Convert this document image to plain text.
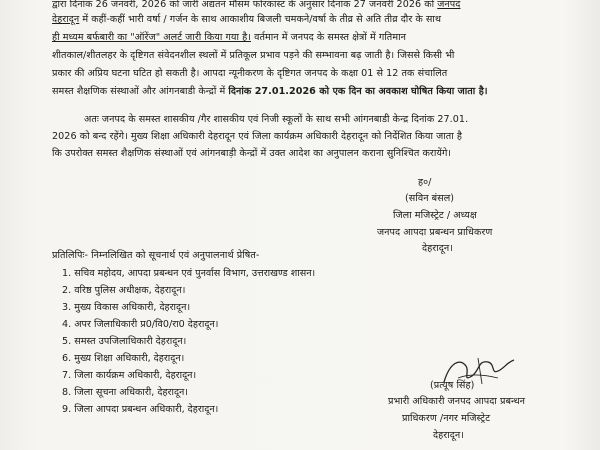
द्वारा दिनांक 26 जनवरी, 2026 को जारी अद्यतन मौसम फोरकास्ट के अनुसार दिनांक 27 जनवरी 2026 को जनपद
देहरादून में कहीं-कहीं भारी वर्षा / गर्जन के साथ आकाशीय बिजली चमकने/वर्षा के तीव्र से अति तीव्र दौर के साथ
ही मध्यम बर्फबारी का "ऑरेंज" अलर्ट जारी किया गया है। वर्तमान में जनपद के समस्त क्षेत्रों में गतिमान
शीतकाल/शीतलहर के दृष्टिगत संवेदनशील स्थलों में प्रतिकूल प्रभाव पड़ने की सम्भावना बढ़ जाती है। जिससे किसी भी
प्रकार की अप्रिय घटना घटित हो सकती है। आपदा न्यूनीकरण के दृष्टिगत जनपद के कक्षा 01 से 12 तक संचालित
समस्त शैक्षणिक संस्थाओं और आंगनबाडी केन्द्रों में दिनांक 27.01.2026 को एक दिन का अवकाश घोषित किया जाता है।
अतः जनपद के समस्त शासकीय /गैर शासकीय एवं निजी स्कूलों के साथ सभी आंगनबाडी केन्द्र दिनांक 27.01.
2026 को बन्द रहेंगे। मुख्य शिक्षा अधिकारी देहरादून एवं जिला कार्यक्रम अधिकारी देहरादून को निर्देशित किया जाता है
कि उपरोक्त समस्त शैक्षणिक संस्थाओं एवं आंगनबाड़ी केन्द्रों में उक्त आदेश का अनुपालन कराना सुनिश्चित करायेंगे।
ह०/
(सविन बंसल)
जिला मजिस्ट्रेट / अध्यक्ष
जनपद आपदा प्रबन्धन प्राधिकरण
देहरादून।
प्रतिलिपिः- निम्नलिखित को सूचनार्थ एवं अनुपालनार्थ प्रेषित-
1. सचिव महोदय, आपदा प्रबन्धन एवं पुनर्वास विभाग, उत्तराखण्ड शासन।
2. वरिष्ठ पुलिस अधीक्षक, देहरादून।
3. मुख्य विकास अधिकारी, देहरादून।
4. अपर जिलाधिकारी प्र0/वि0/रा0 देहरादून।
5. समस्त उपजिलाधिकारी देहरादून।
6. मुख्य शिक्षा अधिकारी, देहरादून।
7. जिला कार्यक्रम अधिकारी, देहरादून।
8. जिला सूचना अधिकारी, देहरादून।
9. जिला आपदा प्रबन्धन अधिकारी, देहरादून।
(प्रत्यूष सिंह)
प्रभारी अधिकारी जनपद आपदा प्रबन्धन
प्राधिकरण /नगर मजिस्ट्रेट
देहरादून।
